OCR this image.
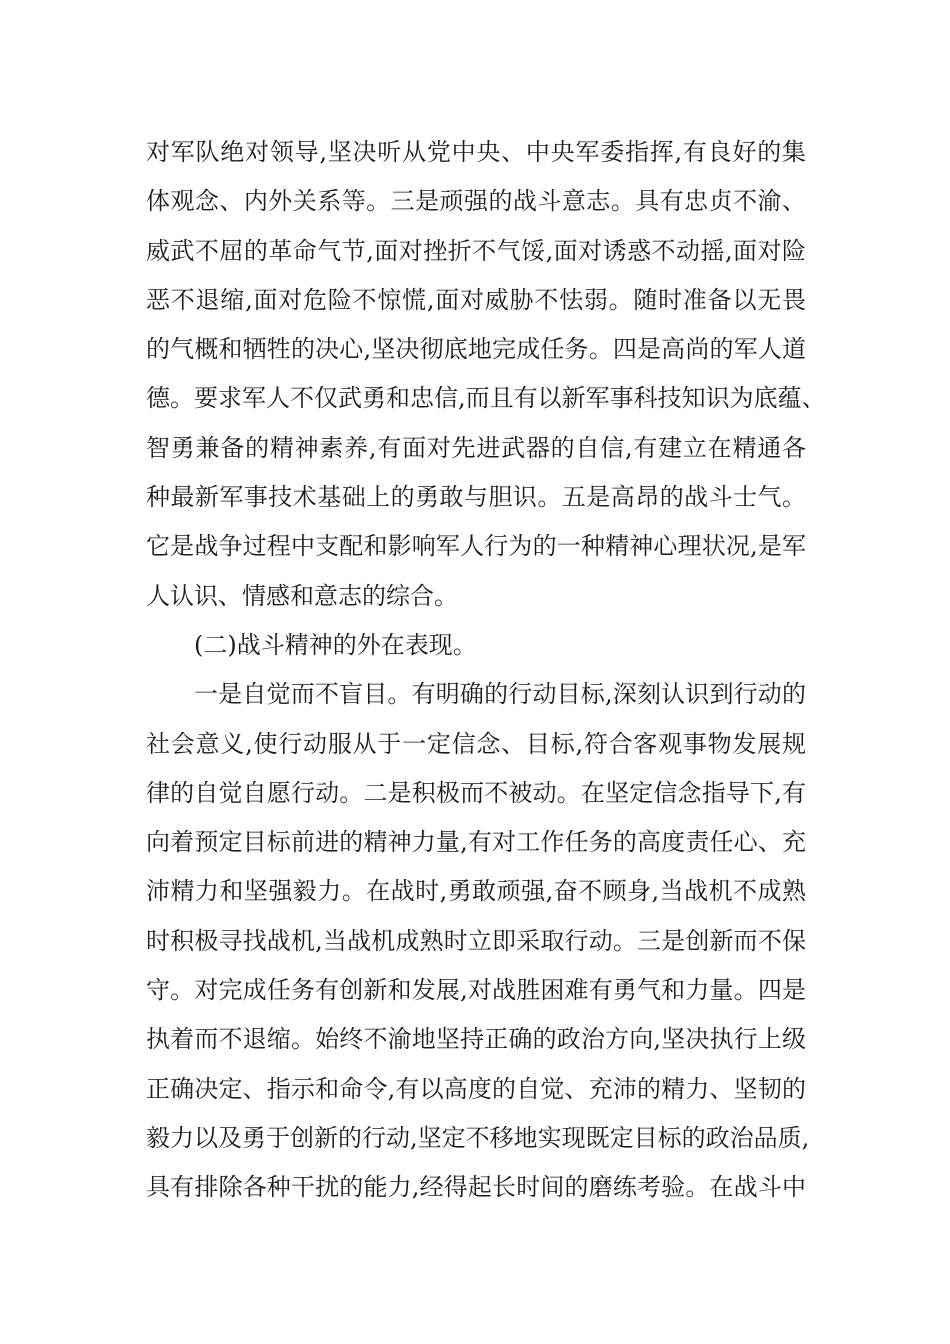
对军队绝对领导,坚决听从党中央、中央军委指挥,有良好的集
体观念、内外关系等。三是顽强的战斗意志。具有忠贞不渝、
威武不屈的革命气节,面对挫折不气馁,面对诱惑不动摇,面对险
恶不退缩,面对危险不惊慌,面对威胁不怯弱。随时准备以无畏
的气概和牺牲的决心,坚决彻底地完成任务。四是高尚的军人道
德。要求军人不仅武勇和忠信,而且有以新军事科技知识为底蕴、
智勇兼备的精神素养,有面对先进武器的自信,有建立在精通各
种最新军事技术基础上的勇敢与胆识。五是高昂的战斗士气。
它是战争过程中支配和影响军人行为的一种精神心理状况,是军
人认识、情感和意志的综合。
(二)战斗精神的外在表现。
一是自觉而不盲目。有明确的行动目标,深刻认识到行动的
社会意义,使行动服从于一定信念、目标,符合客观事物发展规
律的自觉自愿行动。二是积极而不被动。在坚定信念指导下,有
向着预定目标前进的精神力量,有对工作任务的高度责任心、充
沛精力和坚强毅力。在战时,勇敢顽强,奋不顾身,当战机不成熟
时积极寻找战机,当战机成熟时立即采取行动。三是创新而不保
守。对完成任务有创新和发展,对战胜困难有勇气和力量。四是
执着而不退缩。始终不渝地坚持正确的政治方向,坚决执行上级
正确决定、指示和命令,有以高度的自觉、充沛的精力、坚韧的
毅力以及勇于创新的行动,坚定不移地实现既定目标的政治品质,
具有排除各种干扰的能力,经得起长时间的磨练考验。在战斗中
